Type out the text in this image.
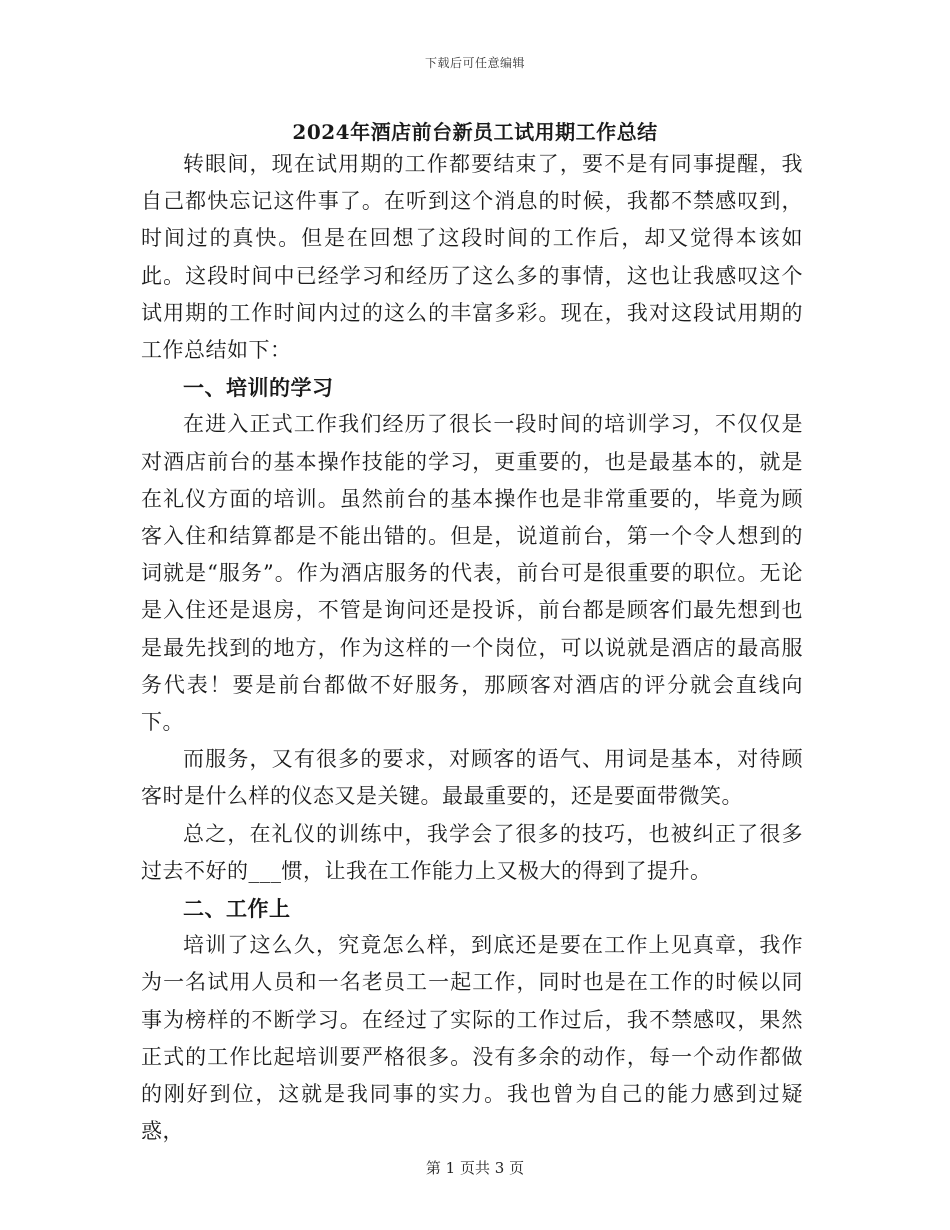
下载后可任意编辑
2024年酒店前台新员工试用期工作总结

转眼间，现在试用期的工作都要结束了，要不是有同事提醒，我自己都快忘记这件事了。在听到这个消息的时候，我都不禁感叹到，时间过的真快。但是在回想了这段时间的工作后，却又觉得本该如此。这段时间中已经学习和经历了这么多的事情，这也让我感叹这个试用期的工作时间内过的这么的丰富多彩。现在，我对这段试用期的工作总结如下：

一、培训的学习

在进入正式工作我们经历了很长一段时间的培训学习，不仅仅是对酒店前台的基本操作技能的学习，更重要的，也是最基本的，就是在礼仪方面的培训。虽然前台的基本操作也是非常重要的，毕竟为顾客入住和结算都是不能出错的。但是，说道前台，第一个令人想到的词就是“服务”。作为酒店服务的代表，前台可是很重要的职位。无论是入住还是退房，不管是询问还是投诉，前台都是顾客们最先想到也是最先找到的地方，作为这样的一个岗位，可以说就是酒店的最高服务代表！要是前台都做不好服务，那顾客对酒店的评分就会直线向下。

而服务，又有很多的要求，对顾客的语气、用词是基本，对待顾客时是什么样的仪态又是关键。最最重要的，还是要面带微笑。

总之，在礼仪的训练中，我学会了很多的技巧，也被纠正了很多过去不好的___惯，让我在工作能力上又极大的得到了提升。

二、工作上

培训了这么久，究竟怎么样，到底还是要在工作上见真章，我作为一名试用人员和一名老员工一起工作，同时也是在工作的时候以同事为榜样的不断学习。在经过了实际的工作过后，我不禁感叹，果然正式的工作比起培训要严格很多。没有多余的动作，每一个动作都做的刚好到位，这就是我同事的实力。我也曾为自己的能力感到过疑惑，

第 1 页共 3 页
